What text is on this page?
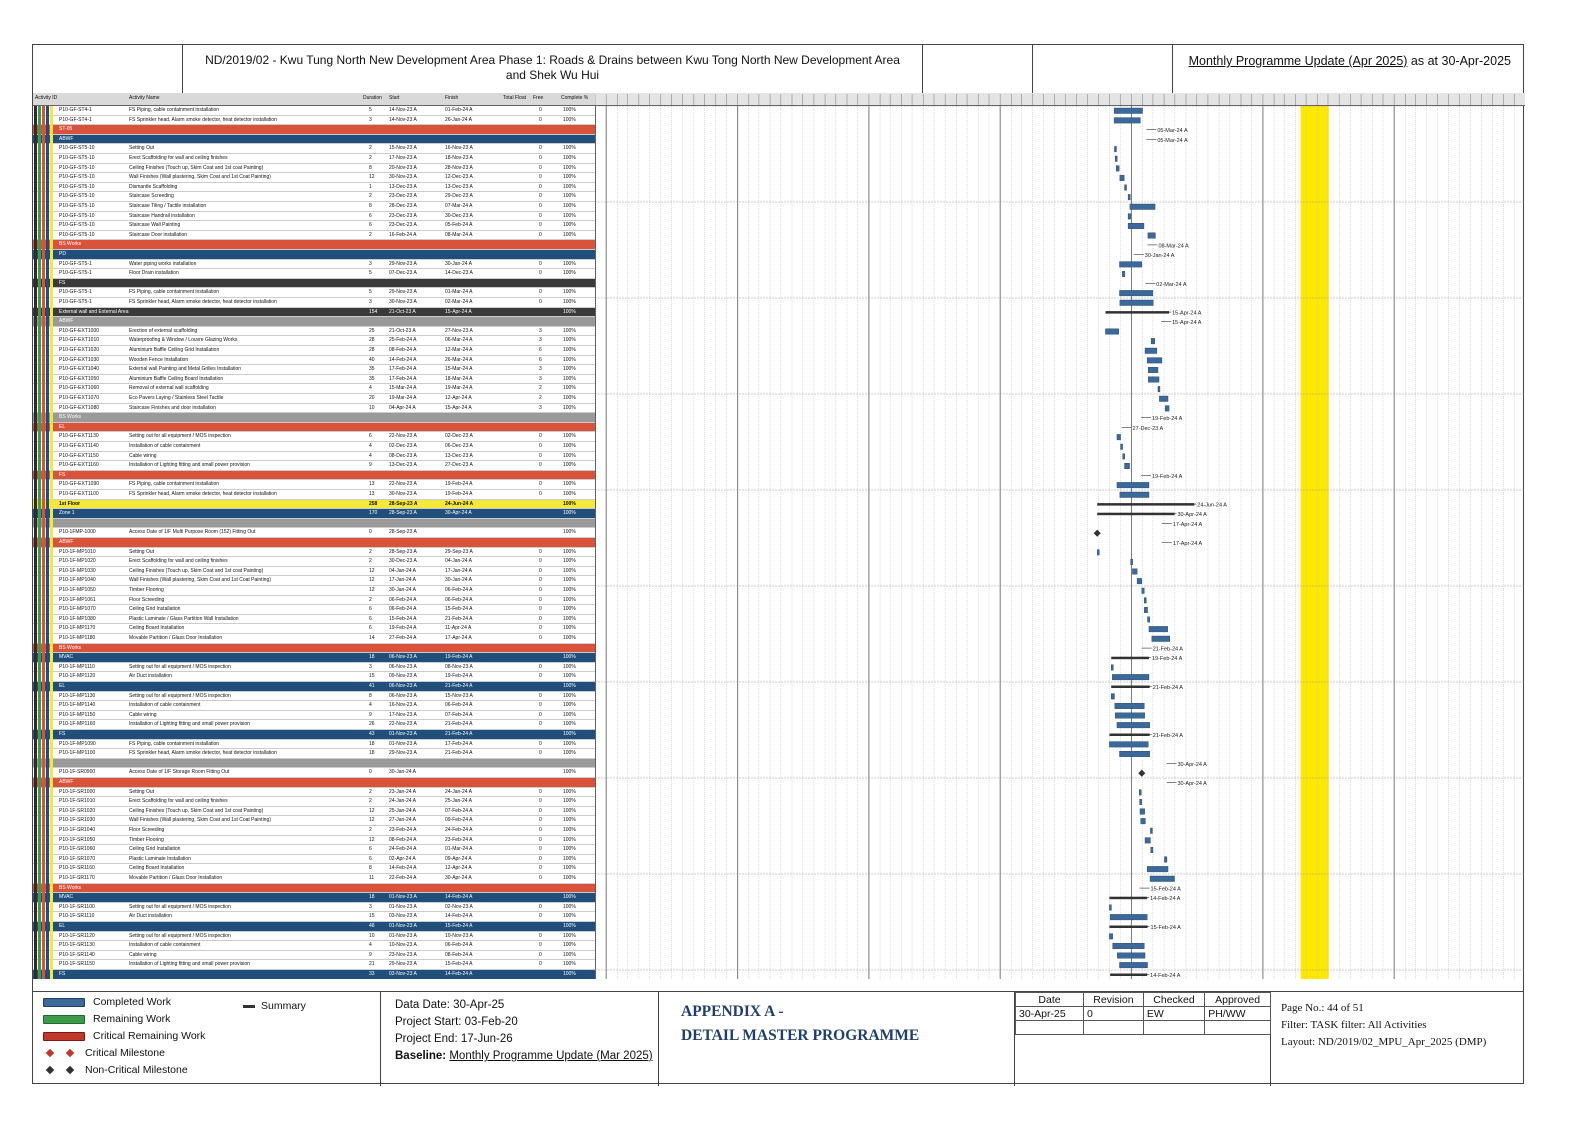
ND/2019/02 - Kwu Tung North New Development Area Phase 1: Roads & Drains between Kwu Tong North New Development Area
and Shek Wu Hui
Monthly Programme Update (Apr 2025) as at 30-Apr-2025
Activity ID	Activity Name	Duration Start	Finish	Total Float Free	Complete %
P10-GF-ST4-1	FS Piping, cable containment installation	5	14-Nov-23 A	01-Feb-24 A	0	100%
P10-GF-ST4-1	FS Sprinkler head, Alarm smoke detector, heat detector installation	3	14-Nov-23 A	26-Jan-24 A	0	100%
ST-05
ABWF
P10-GF-ST5-10	Setting Out	2	15-Nov-23 A	16-Nov-23 A	0	100%
P10-GF-ST5-10	Erect Scaffolding for wall and ceiling finishes	2	17-Nov-23 A	18-Nov-23 A	0	100%
P10-GF-ST5-10	Ceiling Finishes (Touch up, Skim Coat and 1st coat Painting)	8	20-Nov-23 A	28-Nov-23 A	0	100%
P10-GF-ST5-10	Wall Finishes (Wall plastering, Skim Coat and 1st Coat Painting)	12	30-Nov-23 A	12-Dec-23 A	0	100%
P10-GF-ST5-10	Dismantle Scaffolding	1	13-Dec-23 A	13-Dec-23 A	0	100%
P10-GF-ST5-10	Staircase Screeding	2	23-Dec-23 A	29-Dec-23 A	0	100%
P10-GF-ST5-10	Staircase Tiling / Tactile installation	8	28-Dec-23 A	07-Mar-24 A	0	100%
P10-GF-ST5-10	Staircase Handrail installation	6	23-Dec-23 A	30-Dec-23 A	0	100%
P10-GF-ST5-10	Staircase Wall Painting	6	23-Dec-23 A	05-Feb-24 A	0	100%
P10-GF-ST5-10	Staircase Door installation	2	16-Feb-24 A	08-Mar-24 A	0	100%
BS Works
PD
P10-GF-ST5-1	Water piping works installation	3	29-Nov-23 A	30-Jan-24 A	0	100%
P10-GF-ST5-1	Floor Drain installation	5	07-Dec-23 A	14-Dec-23 A	0	100%
FS
P10-GF-ST5-1	FS Piping, cable containment installation	5	29-Nov-23 A	01-Mar-24 A	0	100%
P10-GF-ST5-1	FS Sprinkler head, Alarm smoke detector, heat detector installation	3	30-Nov-23 A	02-Mar-24 A	0	100%
External wall and External Area	154 21-Oct-23 A	15-Apr-24 A	100%
ABWF
P10-GF-EXT1000	Erection of external scaffolding	25	21-Oct-23 A	27-Nov-23 A	3	100%
P10-GF-EXT1010	Waterproofing & Window / Louvre Glazing Works	28	25-Feb-24 A	06-Mar-24 A	3	100%
P10-GF-EXT1020	Aluminium Baffle Ceiling Grid Installation	28	08-Feb-24 A	12-Mar-24 A	6	100%
P10-GF-EXT1030	Wooden Fence Installation	40	14-Feb-24 A	26-Mar-24 A	6	100%
P10-GF-EXT1040	External wall Painting and Metal Grilles Installation	35	17-Feb-24 A	15-Mar-24 A	3	100%
P10-GF-EXT1050	Aluminium Baffle Ceiling Board Installation	35	17-Feb-24 A	18-Mar-24 A	3	100%
P10-GF-EXT1060	Removal of external wall scaffolding	4	15-Mar-24 A	19-Mar-24 A	2	100%
P10-GF-EXT1070	Eco Pavers Laying / Stainless Steel Tactile	20	19-Mar-24 A	12-Apr-24 A	2	100%
P10-GF-EXT1080	Staircase Finishes and door installation	10	04-Apr-24 A	15-Apr-24 A	3	100%
BS Works
EL
P10-GF-EXT1130	Setting out for all equipment / MOS inspection	6	22-Nov-23 A	02-Dec-23 A	0	100%
P10-GF-EXT1140	Installation of cable containment	4	02-Dec-23 A	06-Dec-23 A	0	100%
P10-GF-EXT1150	Cable wiring	4	08-Dec-23 A	13-Dec-23 A	0	100%
P10-GF-EXT1160	Installation of Lighting fitting and small power provision	9	13-Dec-23 A	27-Dec-23 A	0	100%
FS
P10-GF-EXT1090	FS Piping, cable containment installation	13	22-Nov-23 A	19-Feb-24 A	0	100%
P10-GF-EXT1100	FS Sprinkler head, Alarm smoke detector, heat detector installation	13	30-Nov-23 A	19-Feb-24 A	0	100%
1st Floor	258 28-Sep-23 A	24-Jun-24 A	100%
Zone 1	170 28-Sep-23 A	30-Apr-24 A	100%
P10-1FMP-1000	Access Date of 1/F Multi Purpose Room (152) Fitting Out	0	28-Sep-23 A	100%
ABWF
P10-1F-MP1010	Setting Out	2	28-Sep-23 A	29-Sep-23 A	0	100%
P10-1F-MP1020	Erect Scaffolding for wall and ceiling finishes	2	30-Dec-23 A	04-Jan-24 A	0	100%
P10-1F-MP1030	Ceiling Finishes (Touch up, Skim Coat and 1st coat Painting)	12	04-Jan-24 A	17-Jan-24 A	0	100%
P10-1F-MP1040	Wall Finishes (Wall plastering, Skim Coat and 1st Coat Painting)	12	17-Jan-24 A	30-Jan-24 A	0	100%
P10-1F-MP1050	Timber Flooring	12	30-Jan-24 A	06-Feb-24 A	0	100%
P10-1F-MP1061	Floor Screeding	2	06-Feb-24 A	06-Feb-24 A	0	100%
P10-1F-MP1070	Ceiling Grid Installation	6	06-Feb-24 A	15-Feb-24 A	0	100%
P10-1F-MP1080	Plastic Laminate / Glass Partition Wall Installation	6	15-Feb-24 A	21-Feb-24 A	0	100%
P10-1F-MP1170	Ceiling Board Installation	6	19-Feb-24 A	11-Apr-24 A	0	100%
P10-1F-MP1180	Movable Partition / Glass Door Installation	14	27-Feb-24 A	17-Apr-24 A	0	100%
BS Works
MVAC	18	06-Nov-23 A	19-Feb-24 A	100%
P10-1F-MP1110	Setting out for all equipment / MOS inspection	3	06-Nov-23 A	08-Nov-23 A	0	100%
P10-1F-MP1120	Air Duct installation	15	09-Nov-23 A	19-Feb-24 A	0	100%
EL	41	06-Nov-23 A	21-Feb-24 A	100%
P10-1F-MP1130	Setting out for all equipment / MOS inspection	8	06-Nov-23 A	15-Nov-23 A	0	100%
P10-1F-MP1140	Installation of cable containment	4	16-Nov-23 A	06-Feb-24 A	0	100%
P10-1F-MP1150	Cable wiring	9	17-Nov-23 A	07-Feb-24 A	0	100%
P10-1F-MP1160	Installation of Lighting fitting and small power provision	26	22-Nov-23 A	21-Feb-24 A	0	100%
FS	43	01-Nov-23 A	21-Feb-24 A	100%
P10-1F-MP1090	FS Piping, cable containment installation	18	01-Nov-23 A	17-Feb-24 A	0	100%
P10-1F-MP1100	FS Sprinkler head, Alarm smoke detector, heat detector installation	18	29-Nov-23 A	21-Feb-24 A	0	100%
P10-1F-SR0900	Access Date of 1/F Storage Room Fitting Out	0	30-Jan-24 A	100%
ABWF
P10-1F-SR1000	Setting Out	2	23-Jan-24 A	24-Jan-24 A	0	100%
P10-1F-SR1010	Erect Scaffolding for wall and ceiling finishes	2	24-Jan-24 A	25-Jan-24 A	0	100%
P10-1F-SR1020	Ceiling Finishes (Touch up, Skim Coat and 1st coat Painting)	12	25-Jan-24 A	07-Feb-24 A	0	100%
P10-1F-SR1030	Wall Finishes (Wall plastering, Skim Coat and 1st Coat Painting)	12	27-Jan-24 A	09-Feb-24 A	0	100%
P10-1F-SR1040	Floor Screeding	2	23-Feb-24 A	24-Feb-24 A	0	100%
P10-1F-SR1050	Timber Flooring	12	08-Feb-24 A	23-Feb-24 A	0	100%
P10-1F-SR1060	Ceiling Grid Installation	6	24-Feb-24 A	01-Mar-24 A	0	100%
P10-1F-SR1070	Plastic Laminate Installation	6	02-Apr-24 A	09-Apr-24 A	0	100%
P10-1F-SR1160	Ceiling Board Installation	8	14-Feb-24 A	12-Apr-24 A	0	100%
P10-1F-SR1170	Movable Partition / Glass Door Installation	11	22-Feb-24 A	30-Apr-24 A	0	100%
BS Works
MVAC	18	01-Nov-23 A	14-Feb-24 A	100%
P10-1F-SR1100	Setting out for all equipment / MOS inspection	3	01-Nov-23 A	02-Nov-23 A	0	100%
P10-1F-SR1110	Air Duct installation	15	03-Nov-23 A	14-Feb-24 A	0	100%
EL	48	01-Nov-23 A	15-Feb-24 A	100%
P10-1F-SR1120	Setting out for all equipment / MOS inspection	10	01-Nov-23 A	10-Nov-23 A	0	100%
P10-1F-SR1130	Installation of cable containment	4	10-Nov-23 A	06-Feb-24 A	0	100%
P10-1F-SR1140	Cable wiring	9	23-Nov-23 A	08-Feb-24 A	0	100%
P10-1F-SR1150	Installation of Lighting fitting and small power provision	21	29-Nov-23 A	15-Feb-24 A	0	100%
FS	33	03-Nov-23 A	14-Feb-24 A	100%
05-Mar-24 A
05-Mar-24 A
08-Mar-24 A
30-Jan-24 A
02-Mar-24 A
15-Apr-24 A
15-Apr-24 A
19-Feb-24 A
27-Dec-23 A
19-Feb-24 A
24-Jun-24 A
30-Apr-24 A
17-Apr-24 A
17-Apr-24 A
21-Feb-24 A
19-Feb-24 A
21-Feb-24 A
21-Feb-24 A
30-Apr-24 A
30-Apr-24 A
15-Feb-24 A
14-Feb-24 A
15-Feb-24 A
14-Feb-24 A
Completed Work
Remaining Work
Critical Remaining Work
Critical Milestone
Non-Critical Milestone
Summary	Data Date: 30-Apr-25
Project Start: 03-Feb-20
Project End: 17-Jun-26
Baseline: Monthly Programme Update (Mar 2025)
APPENDIX A -
DETAIL MASTER PROGRAMME
Date	Revision	Checked	Approved
30-Apr-25	0	EW	PH/WW
				Page No.: 44 of 51
Filter: TASK filter: All Activities
Layout: ND/2019/02_MPU_Apr_2025 (DMP)
